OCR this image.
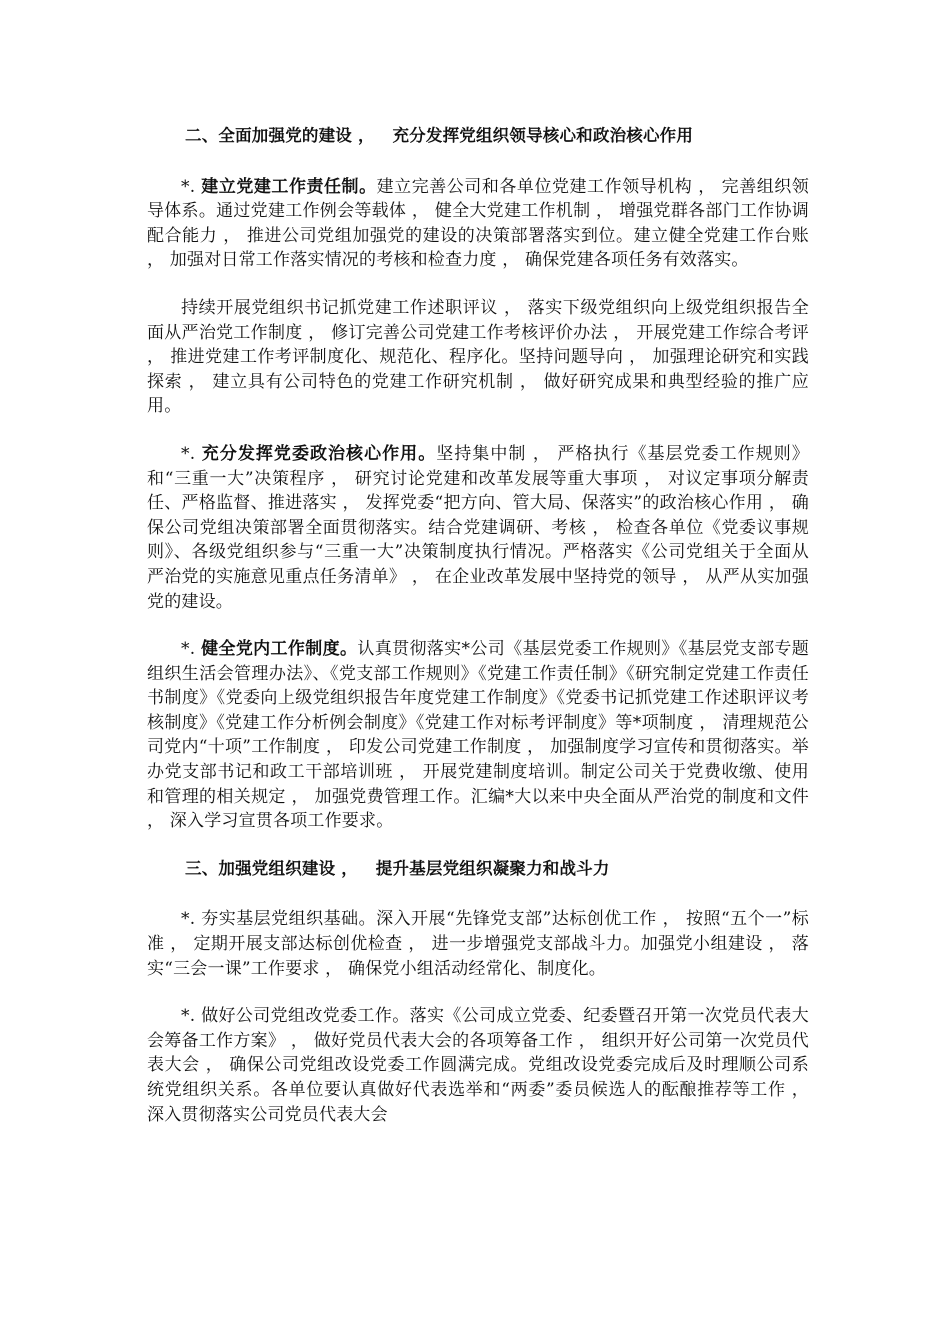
二、全面加强党的建设 ，   充分发挥党组织领导核心和政治核心作用

*. 建立党建工作责任制。建立完善公司和各单位党建工作领导机构 ， 完善组织领导体系。通过党建工作例会等载体 ， 健全大党建工作机制 ， 增强党群各部门工作协调配合能力 ， 推进公司党组加强党的建设的决策部署落实到位。建立健全党建工作台账 ， 加强对日常工作落实情况的考核和检查力度 ， 确保党建各项任务有效落实。

持续开展党组织书记抓党建工作述职评议 ， 落实下级党组织向上级党组织报告全面从严治党工作制度 ， 修订完善公司党建工作考核评价办法 ， 开展党建工作综合考评 ， 推进党建工作考评制度化、规范化、程序化。坚持问题导向 ， 加强理论研究和实践探索 ， 建立具有公司特色的党建工作研究机制 ， 做好研究成果和典型经验的推广应用。

*. 充分发挥党委政治核心作用。坚持集中制 ， 严格执行《基层党委工作规则》和“三重一大”决策程序 ， 研究讨论党建和改革发展等重大事项 ， 对议定事项分解责任、严格监督、推进落实 ， 发挥党委“把方向、管大局、保落实”的政治核心作用 ， 确保公司党组决策部署全面贯彻落实。结合党建调研、考核 ， 检查各单位《党委议事规则》、各级党组织参与“三重一大”决策制度执行情况。严格落实《公司党组关于全面从严治党的实施意见重点任务清单》 ， 在企业改革发展中坚持党的领导 ， 从严从实加强党的建设。

*. 健全党内工作制度。认真贯彻落实*公司《基层党委工作规则》《基层党支部专题组织生活会管理办法》、《党支部工作规则》《党建工作责任制》《研究制定党建工作责任书制度》《党委向上级党组织报告年度党建工作制度》《党委书记抓党建工作述职评议考核制度》《党建工作分析例会制度》《党建工作对标考评制度》等*项制度 ， 清理规范公司党内“十项”工作制度 ， 印发公司党建工作制度 ， 加强制度学习宣传和贯彻落实。举办党支部书记和政工干部培训班 ， 开展党建制度培训。制定公司关于党费收缴、使用和管理的相关规定 ， 加强党费管理工作。汇编*大以来中央全面从严治党的制度和文件 ， 深入学习宣贯各项工作要求。

三、加强党组织建设 ，   提升基层党组织凝聚力和战斗力

*. 夯实基层党组织基础。深入开展“先锋党支部”达标创优工作 ， 按照“五个一”标准 ， 定期开展支部达标创优检查 ， 进一步增强党支部战斗力。加强党小组建设 ， 落实“三会一课”工作要求 ， 确保党小组活动经常化、制度化。

*. 做好公司党组改党委工作。落实《公司成立党委、纪委暨召开第一次党员代表大会筹备工作方案》 ， 做好党员代表大会的各项筹备工作 ， 组织开好公司第一次党员代表大会 ， 确保公司党组改设党委工作圆满完成。党组改设党委完成后及时理顺公司系统党组织关系。各单位要认真做好代表选举和“两委”委员候选人的酝酿推荐等工作 ， 深入贯彻落实公司党员代表大会
